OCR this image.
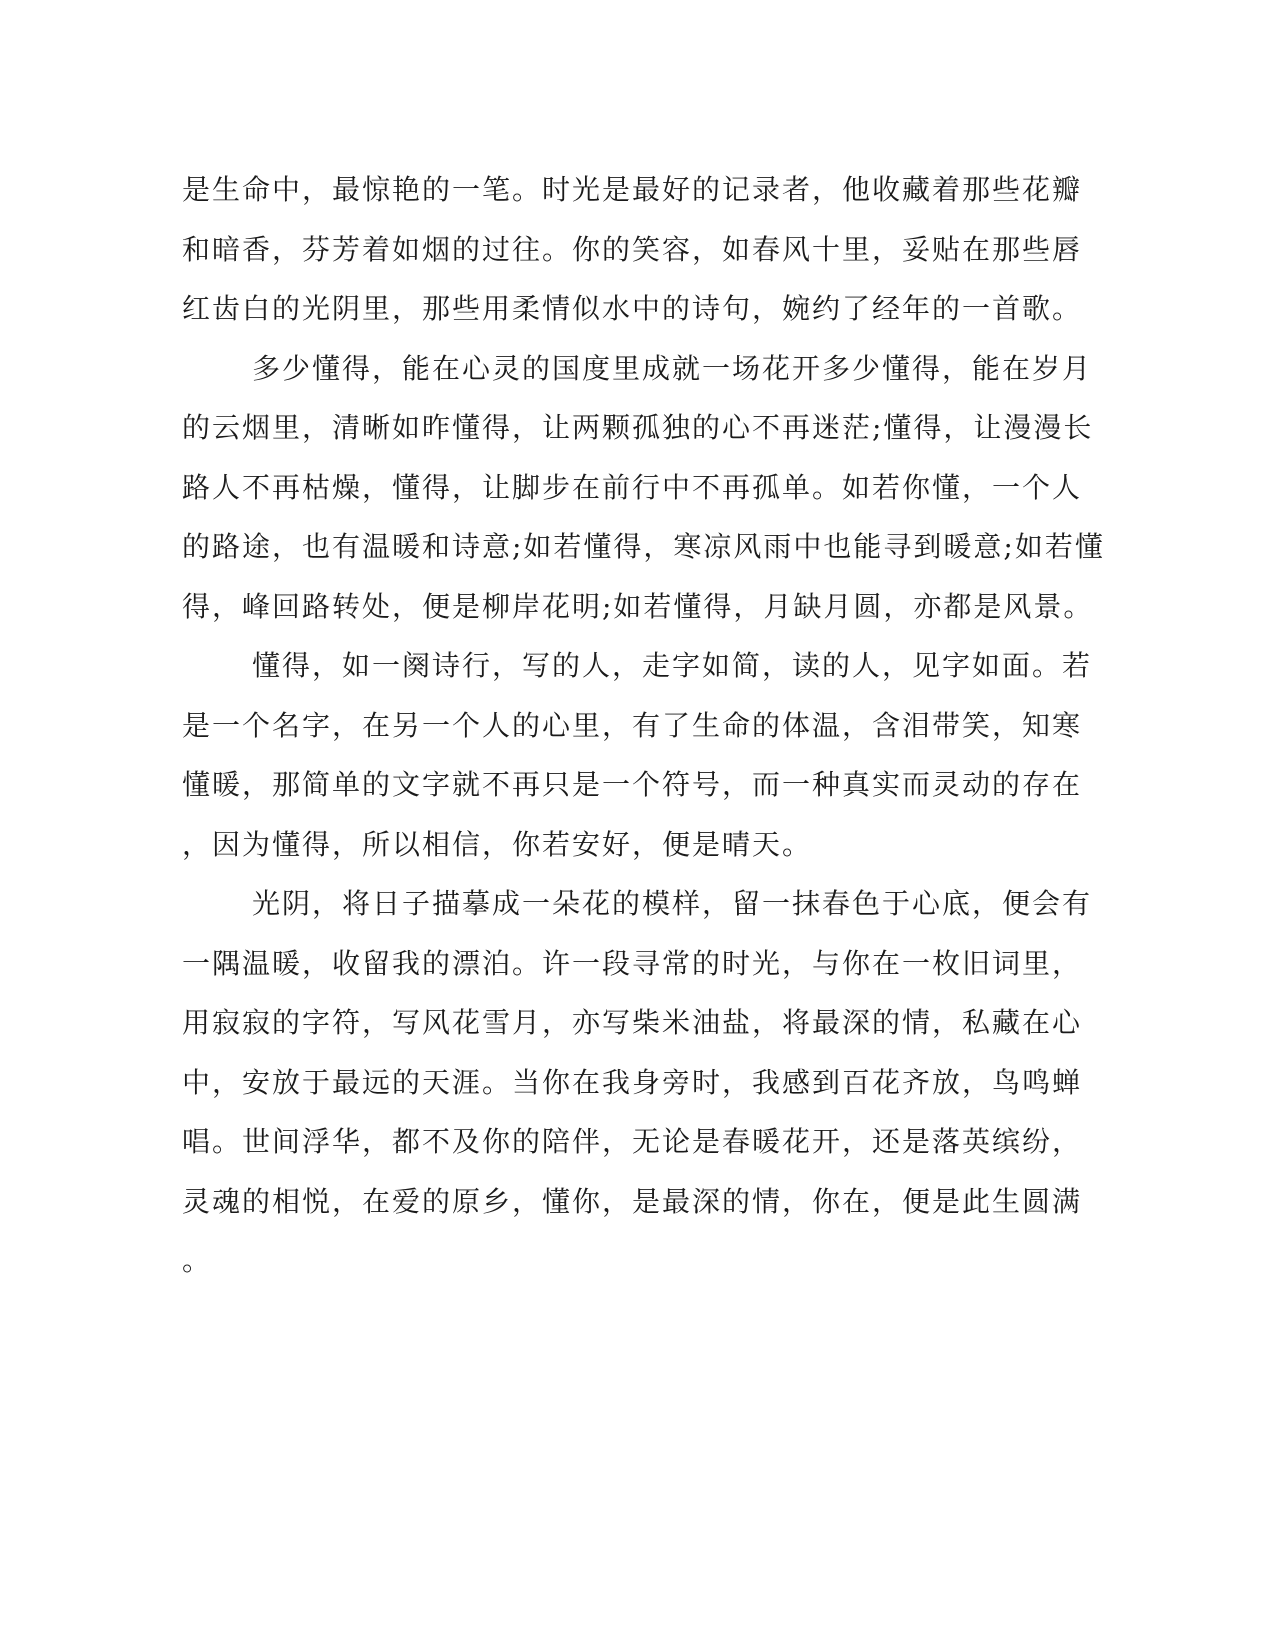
是生命中，最惊艳的一笔。时光是最好的记录者，他收藏着那些花瓣
和暗香，芬芳着如烟的过往。你的笑容，如春风十里，妥贴在那些唇
红齿白的光阴里，那些用柔情似水中的诗句，婉约了经年的一首歌。
多少懂得，能在心灵的国度里成就一场花开多少懂得，能在岁月
的云烟里，清晰如昨懂得，让两颗孤独的心不再迷茫;懂得，让漫漫长
路人不再枯燥，懂得，让脚步在前行中不再孤单。如若你懂，一个人
的路途，也有温暖和诗意;如若懂得，寒凉风雨中也能寻到暖意;如若懂
得，峰回路转处，便是柳岸花明;如若懂得，月缺月圆，亦都是风景。
懂得，如一阕诗行，写的人，走字如简，读的人，见字如面。若
是一个名字，在另一个人的心里，有了生命的体温，含泪带笑，知寒
懂暖，那简单的文字就不再只是一个符号，而一种真实而灵动的存在
，因为懂得，所以相信，你若安好，便是晴天。
光阴，将日子描摹成一朵花的模样，留一抹春色于心底，便会有
一隅温暖，收留我的漂泊。许一段寻常的时光，与你在一枚旧词里，
用寂寂的字符，写风花雪月，亦写柴米油盐，将最深的情，私藏在心
中，安放于最远的天涯。当你在我身旁时，我感到百花齐放，鸟鸣蝉
唱。世间浮华，都不及你的陪伴，无论是春暖花开，还是落英缤纷，
灵魂的相悦，在爱的原乡，懂你，是最深的情，你在，便是此生圆满
。
